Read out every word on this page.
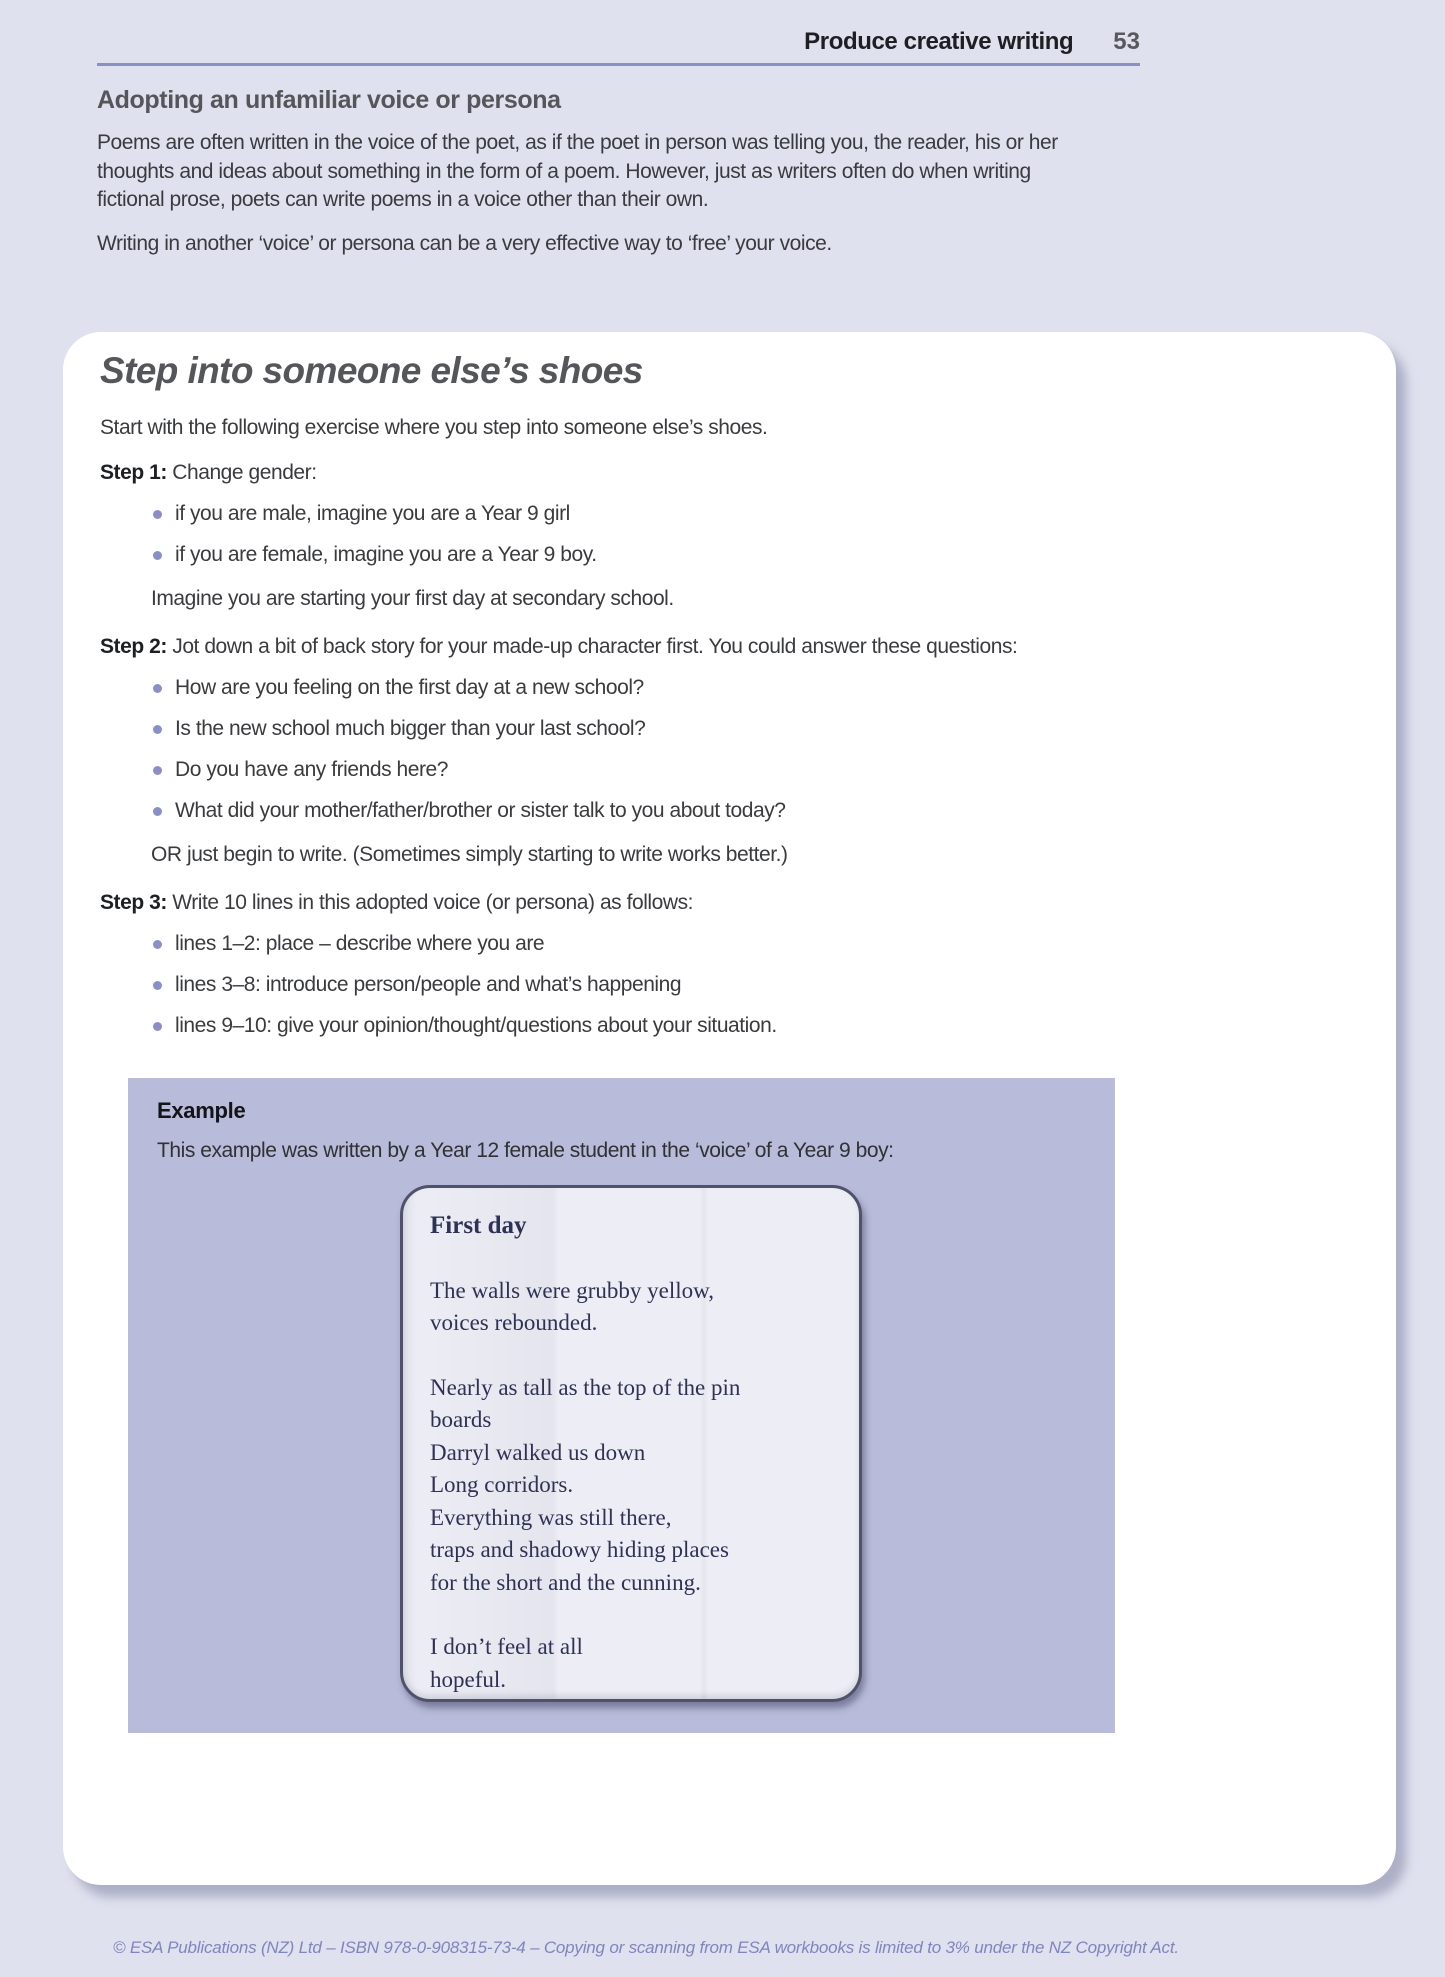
Produce creative writing 53
Adopting an unfamiliar voice or persona
Poems are often written in the voice of the poet, as if the poet in person was telling you, the reader, his or her
thoughts and ideas about something in the form of a poem. However, just as writers often do when writing
fictional prose, poets can write poems in a voice other than their own.
Writing in another ‘voice’ or persona can be a very effective way to ‘free’ your voice.
Step into someone else’s shoes

Start with the following exercise where you step into someone else’s shoes.

Step 1: Change gender:

if you are male, imagine you are a Year 9 girl
if you are female, imagine you are a Year 9 boy.

Imagine you are starting your first day at secondary school.

Step 2: Jot down a bit of back story for your made-up character first. You could answer these questions:

How are you feeling on the first day at a new school?
Is the new school much bigger than your last school?
Do you have any friends here?
What did your mother/father/brother or sister talk to you about today?

OR just begin to write. (Sometimes simply starting to write works better.)

Step 3: Write 10 lines in this adopted voice (or persona) as follows:

lines 1–2: place – describe where you are
lines 3–8: introduce person/people and what’s happening
lines 9–10: give your opinion/thought/questions about your situation.

Example

This example was written by a Year 12 female student in the ‘voice’ of a Year 9 boy:

First day
The walls were grubby yellow,
voices rebounded.
Nearly as tall as the top of the pin
boards
Darryl walked us down
Long corridors.
Everything was still there,
traps and shadowy hiding places
for the short and the cunning.
I don’t feel at all
hopeful.
© ESA Publications (NZ) Ltd – ISBN 978-0-908315-73-4 – Copying or scanning from ESA workbooks is limited to 3% under the NZ Copyright Act.
